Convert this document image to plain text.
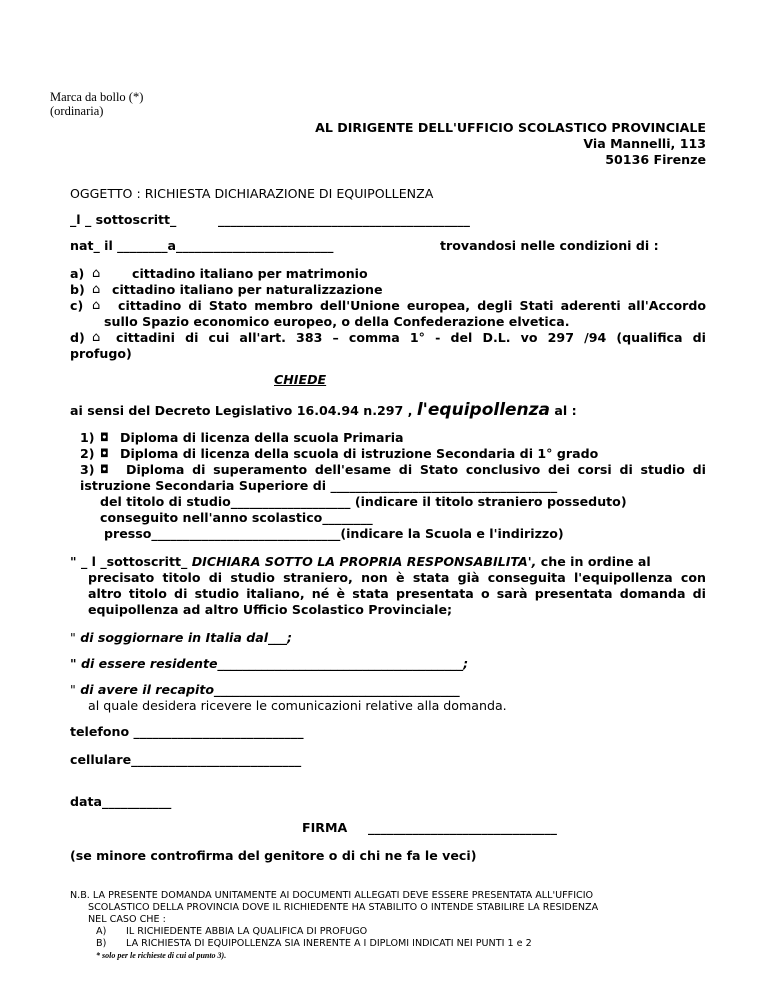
Marca da bollo (*)
(ordinaria)
AL DIRIGENTE DELL'UFFICIO SCOLASTICO PROVINCIALE
Via Mannelli, 113
50136 Firenze
OGGETTO : RICHIESTA DICHIARAZIONE DI EQUIPOLLENZA
_l _ sottoscritt_	________________________________________
nat_ il ________a_________________________	trovandosi nelle condizioni di :
a) ⌂	cittadino italiano per matrimonio
b) ⌂ cittadino italiano per naturalizzazione
c) ⌂ cittadino di Stato membro dell'Unione europea, degli Stati aderenti all'Accordo
sullo Spazio economico europeo, o della Confederazione elvetica.
d) ⌂ cittadini di cui all'art. 383 – comma 1° - del D.L. vo 297 /94 (qualifica di
profugo)
CHIEDE
ai sensi del Decreto Legislativo 16.04.94 n.297 , l'equipollenza al :
1) ◘ Diploma di licenza della scuola Primaria
2) ◘ Diploma di licenza della scuola di istruzione Secondaria di 1° grado
3) ◘ Diploma di superamento dell'esame di Stato conclusivo dei corsi di studio di
istruzione Secondaria Superiore di ____________________________________
del titolo di studio___________________ (indicare il titolo straniero posseduto)
conseguito nell'anno scolastico________
presso______________________________(indicare la Scuola e l'indirizzo)
" _ l _sottoscritt_ DICHIARA SOTTO LA PROPRIA RESPONSABILITA', che in ordine al
precisato titolo di studio straniero, non è stata già conseguita l'equipollenza con
altro titolo di studio italiano, né è stata presentata o sarà presentata domanda di
equipollenza ad altro Ufficio Scolastico Provinciale;
" di soggiornare in Italia dal___;
" di essere residente_______________________________________;
" di avere il recapito_______________________________________
al quale desidera ricevere le comunicazioni relative alla domanda.
telefono ___________________________
cellulare___________________________
data___________
FIRMA ______________________________
(se minore controfirma del genitore o di chi ne fa le veci)
N.B. LA PRESENTE DOMANDA UNITAMENTE AI DOCUMENTI ALLEGATI DEVE ESSERE PRESENTATA ALL'UFFICIO
SCOLASTICO DELLA PROVINCIA DOVE IL RICHIEDENTE HA STABILITO O INTENDE STABILIRE LA RESIDENZA
NEL CASO CHE :
A) IL RICHIEDENTE ABBIA LA QUALIFICA DI PROFUGO
B) LA RICHIESTA DI EQUIPOLLENZA SIA INERENTE A I DIPLOMI INDICATI NEI PUNTI 1 e 2
* solo per le richieste di cui al punto 3).
